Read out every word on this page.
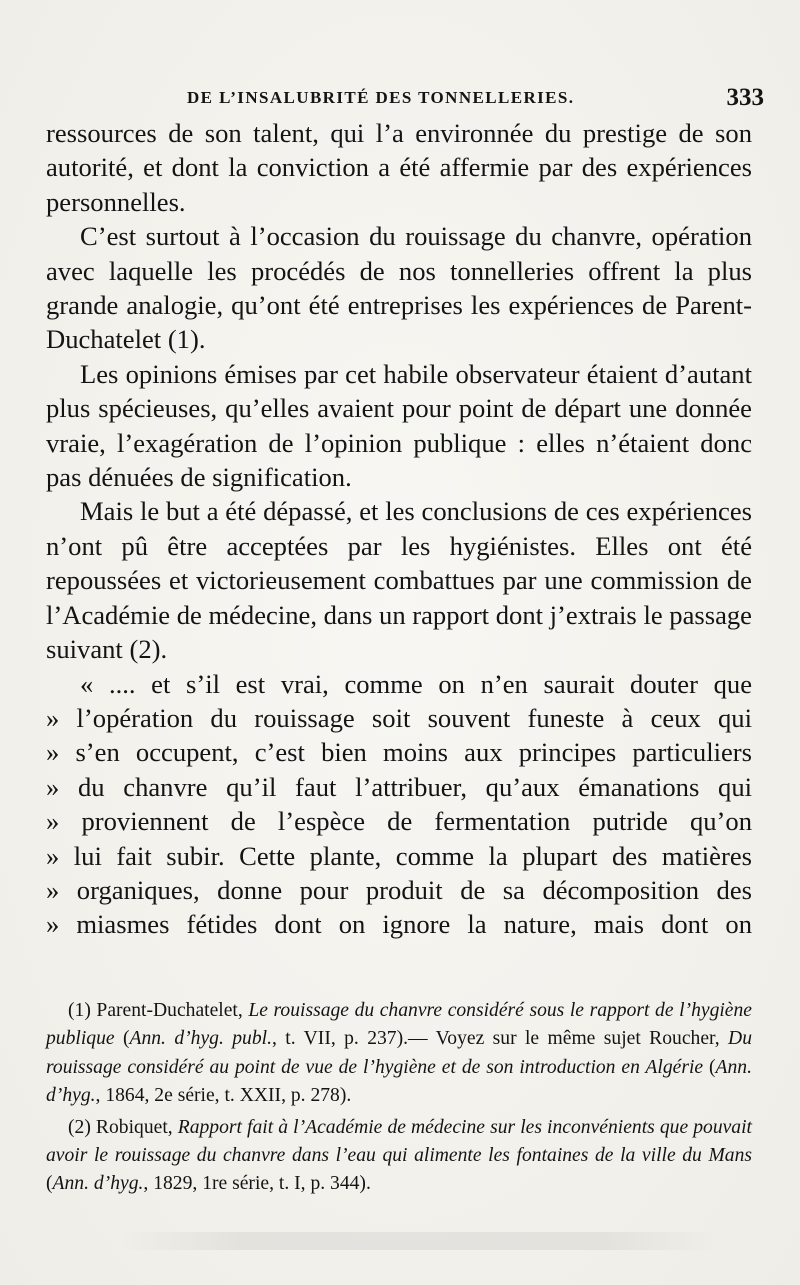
DE L’INSALUBRITÉ DES TONNELLERIES.	333

ressources de son talent, qui l’a environnée du prestige de son autorité, et dont la conviction a été affermie par des expériences personnelles.

C’est surtout à l’occasion du rouissage du chanvre, opération avec laquelle les procédés de nos tonnelleries offrent la plus grande analogie, qu’ont été entreprises les expériences de Parent-Duchatelet (1).

Les opinions émises par cet habile observateur étaient d’autant plus spécieuses, qu’elles avaient pour point de départ une donnée vraie, l’exagération de l’opinion publique : elles n’étaient donc pas dénuées de signification.

Mais le but a été dépassé, et les conclusions de ces expériences n’ont pû être acceptées par les hygiénistes. Elles ont été repoussées et victorieusement combattues par une commission de l’Académie de médecine, dans un rapport dont j’extrais le passage suivant (2).

« .... et s’il est vrai, comme on n’en saurait douter que
» l’opération du rouissage soit souvent funeste à ceux qui
» s’en occupent, c’est bien moins aux principes particuliers
» du chanvre qu’il faut l’attribuer, qu’aux émanations qui
» proviennent de l’espèce de fermentation putride qu’on
» lui fait subir. Cette plante, comme la plupart des matières
» organiques, donne pour produit de sa décomposition des
» miasmes fétides dont on ignore la nature, mais dont on

(1) Parent-Duchatelet, Le rouissage du chanvre considéré sous le rapport de l’hygiène publique (Ann. d’hyg. publ., t. VII, p. 237).— Voyez sur le même sujet Roucher, Du rouissage considéré au point de vue de l’hygiène et de son introduction en Algérie (Ann. d’hyg., 1864, 2e série, t. XXII, p. 278).

(2) Robiquet, Rapport fait à l’Académie de médecine sur les inconvénients que pouvait avoir le rouissage du chanvre dans l’eau qui alimente les fontaines de la ville du Mans (Ann. d’hyg., 1829, 1re série, t. I, p. 344).
